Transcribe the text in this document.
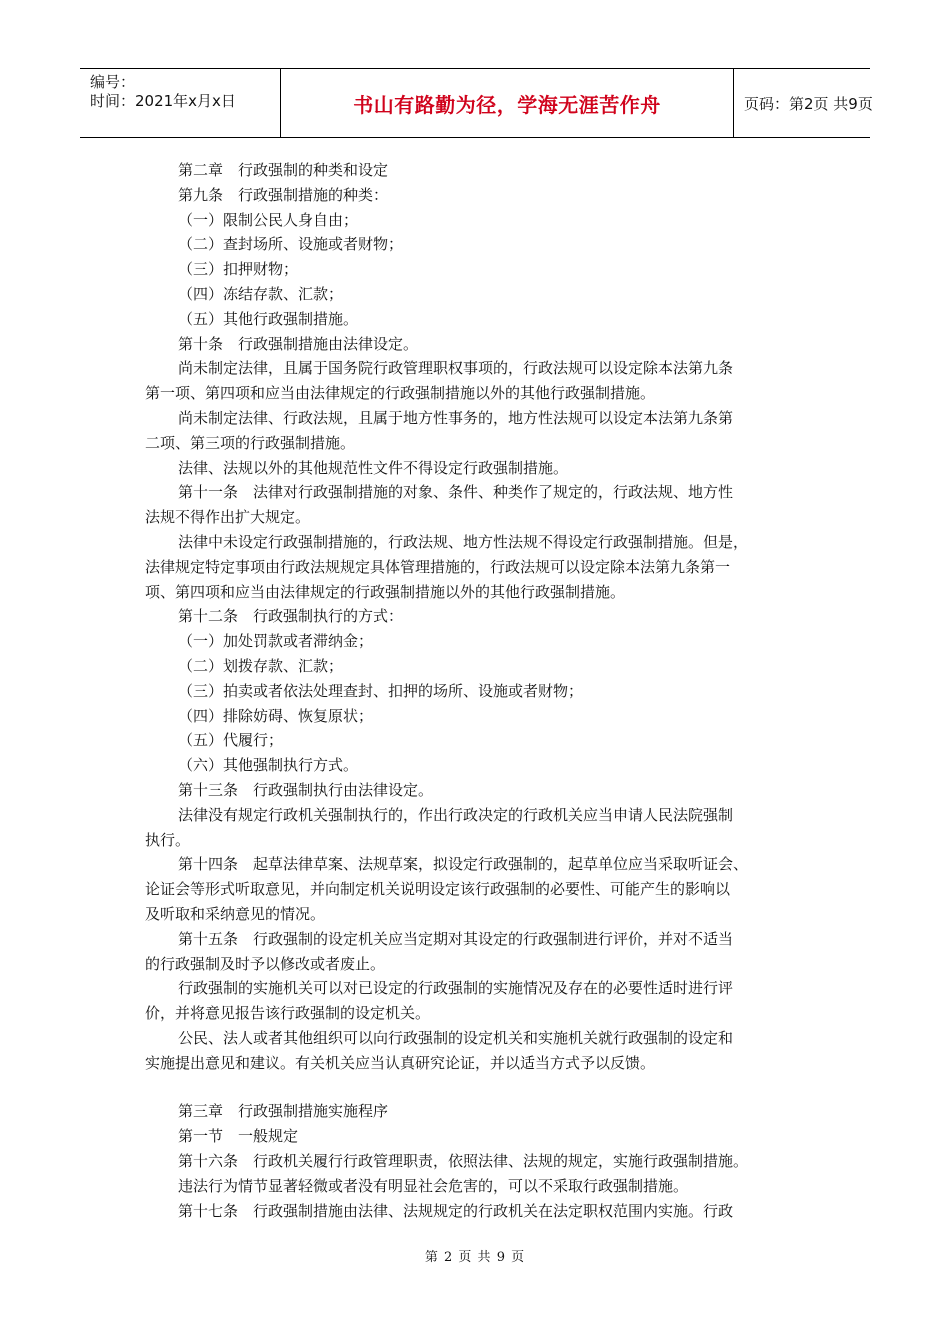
编号：
时间：2021年x月x日	书山有路勤为径，学海无涯苦作舟	页码：第2页 共9页

第二章　行政强制的种类和设定

第九条　行政强制措施的种类：

（一）限制公民人身自由；

（二）查封场所、设施或者财物；

（三）扣押财物；

（四）冻结存款、汇款；

（五）其他行政强制措施。

第十条　行政强制措施由法律设定。

尚未制定法律，且属于国务院行政管理职权事项的，行政法规可以设定除本法第九条

第一项、第四项和应当由法律规定的行政强制措施以外的其他行政强制措施。

尚未制定法律、行政法规，且属于地方性事务的，地方性法规可以设定本法第九条第

二项、第三项的行政强制措施。

法律、法规以外的其他规范性文件不得设定行政强制措施。

第十一条　法律对行政强制措施的对象、条件、种类作了规定的，行政法规、地方性

法规不得作出扩大规定。

法律中未设定行政强制措施的，行政法规、地方性法规不得设定行政强制措施。但是，

法律规定特定事项由行政法规规定具体管理措施的，行政法规可以设定除本法第九条第一

项、第四项和应当由法律规定的行政强制措施以外的其他行政强制措施。

第十二条　行政强制执行的方式：

（一）加处罚款或者滞纳金；

（二）划拨存款、汇款；

（三）拍卖或者依法处理查封、扣押的场所、设施或者财物；

（四）排除妨碍、恢复原状；

（五）代履行；

（六）其他强制执行方式。

第十三条　行政强制执行由法律设定。

法律没有规定行政机关强制执行的，作出行政决定的行政机关应当申请人民法院强制

执行。

第十四条　起草法律草案、法规草案，拟设定行政强制的，起草单位应当采取听证会、

论证会等形式听取意见，并向制定机关说明设定该行政强制的必要性、可能产生的影响以

及听取和采纳意见的情况。

第十五条　行政强制的设定机关应当定期对其设定的行政强制进行评价，并对不适当

的行政强制及时予以修改或者废止。

行政强制的实施机关可以对已设定的行政强制的实施情况及存在的必要性适时进行评

价，并将意见报告该行政强制的设定机关。

公民、法人或者其他组织可以向行政强制的设定机关和实施机关就行政强制的设定和

实施提出意见和建议。有关机关应当认真研究论证，并以适当方式予以反馈。

第三章　行政强制措施实施程序

第一节　一般规定

第十六条　行政机关履行行政管理职责，依照法律、法规的规定，实施行政强制措施。

违法行为情节显著轻微或者没有明显社会危害的，可以不采取行政强制措施。

第十七条　行政强制措施由法律、法规规定的行政机关在法定职权范围内实施。行政

第 2 页 共 9 页
